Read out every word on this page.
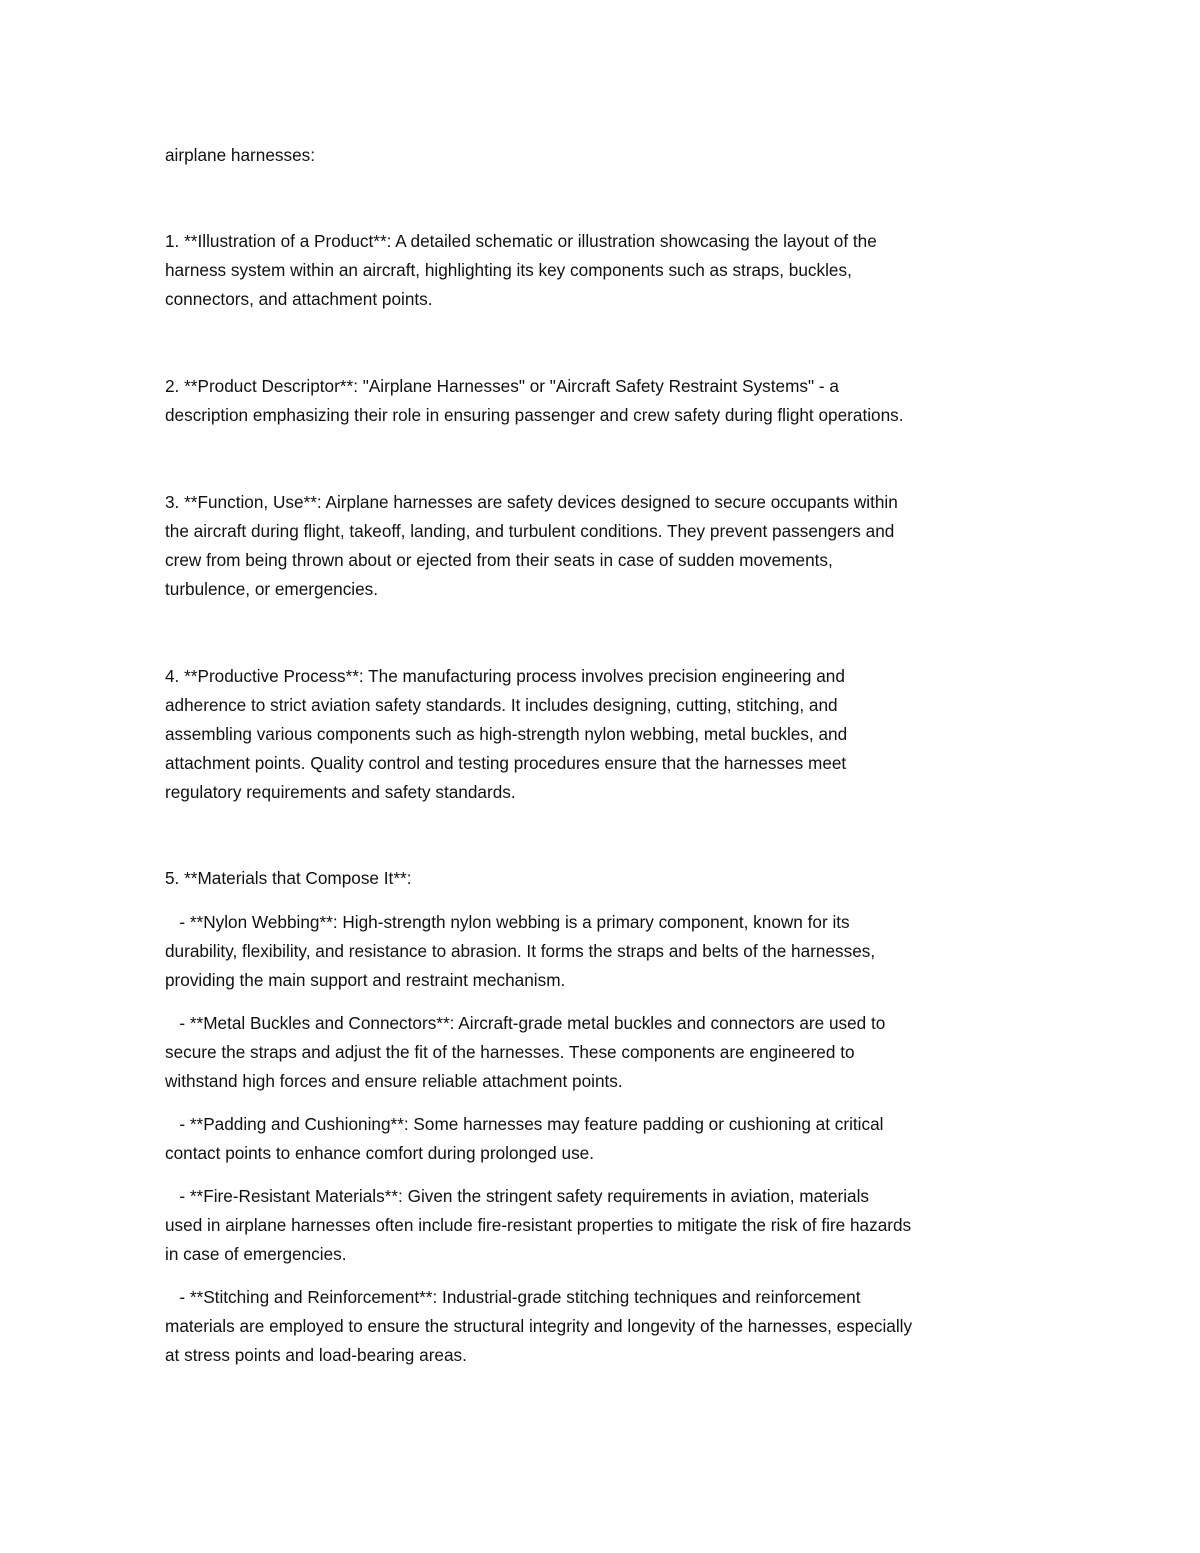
airplane harnesses:
1. **Illustration of a Product**: A detailed schematic or illustration showcasing the layout of the
harness system within an aircraft, highlighting its key components such as straps, buckles,
connectors, and attachment points.
2. **Product Descriptor**: "Airplane Harnesses" or "Aircraft Safety Restraint Systems" - a
description emphasizing their role in ensuring passenger and crew safety during flight operations.
3. **Function, Use**: Airplane harnesses are safety devices designed to secure occupants within
the aircraft during flight, takeoff, landing, and turbulent conditions. They prevent passengers and
crew from being thrown about or ejected from their seats in case of sudden movements,
turbulence, or emergencies.
4. **Productive Process**: The manufacturing process involves precision engineering and
adherence to strict aviation safety standards. It includes designing, cutting, stitching, and
assembling various components such as high-strength nylon webbing, metal buckles, and
attachment points. Quality control and testing procedures ensure that the harnesses meet
regulatory requirements and safety standards.
5. **Materials that Compose It**:
- **Nylon Webbing**: High-strength nylon webbing is a primary component, known for its
durability, flexibility, and resistance to abrasion. It forms the straps and belts of the harnesses,
providing the main support and restraint mechanism.
- **Metal Buckles and Connectors**: Aircraft-grade metal buckles and connectors are used to
secure the straps and adjust the fit of the harnesses. These components are engineered to
withstand high forces and ensure reliable attachment points.
- **Padding and Cushioning**: Some harnesses may feature padding or cushioning at critical
contact points to enhance comfort during prolonged use.
- **Fire-Resistant Materials**: Given the stringent safety requirements in aviation, materials
used in airplane harnesses often include fire-resistant properties to mitigate the risk of fire hazards
in case of emergencies.
- **Stitching and Reinforcement**: Industrial-grade stitching techniques and reinforcement
materials are employed to ensure the structural integrity and longevity of the harnesses, especially
at stress points and load-bearing areas.
